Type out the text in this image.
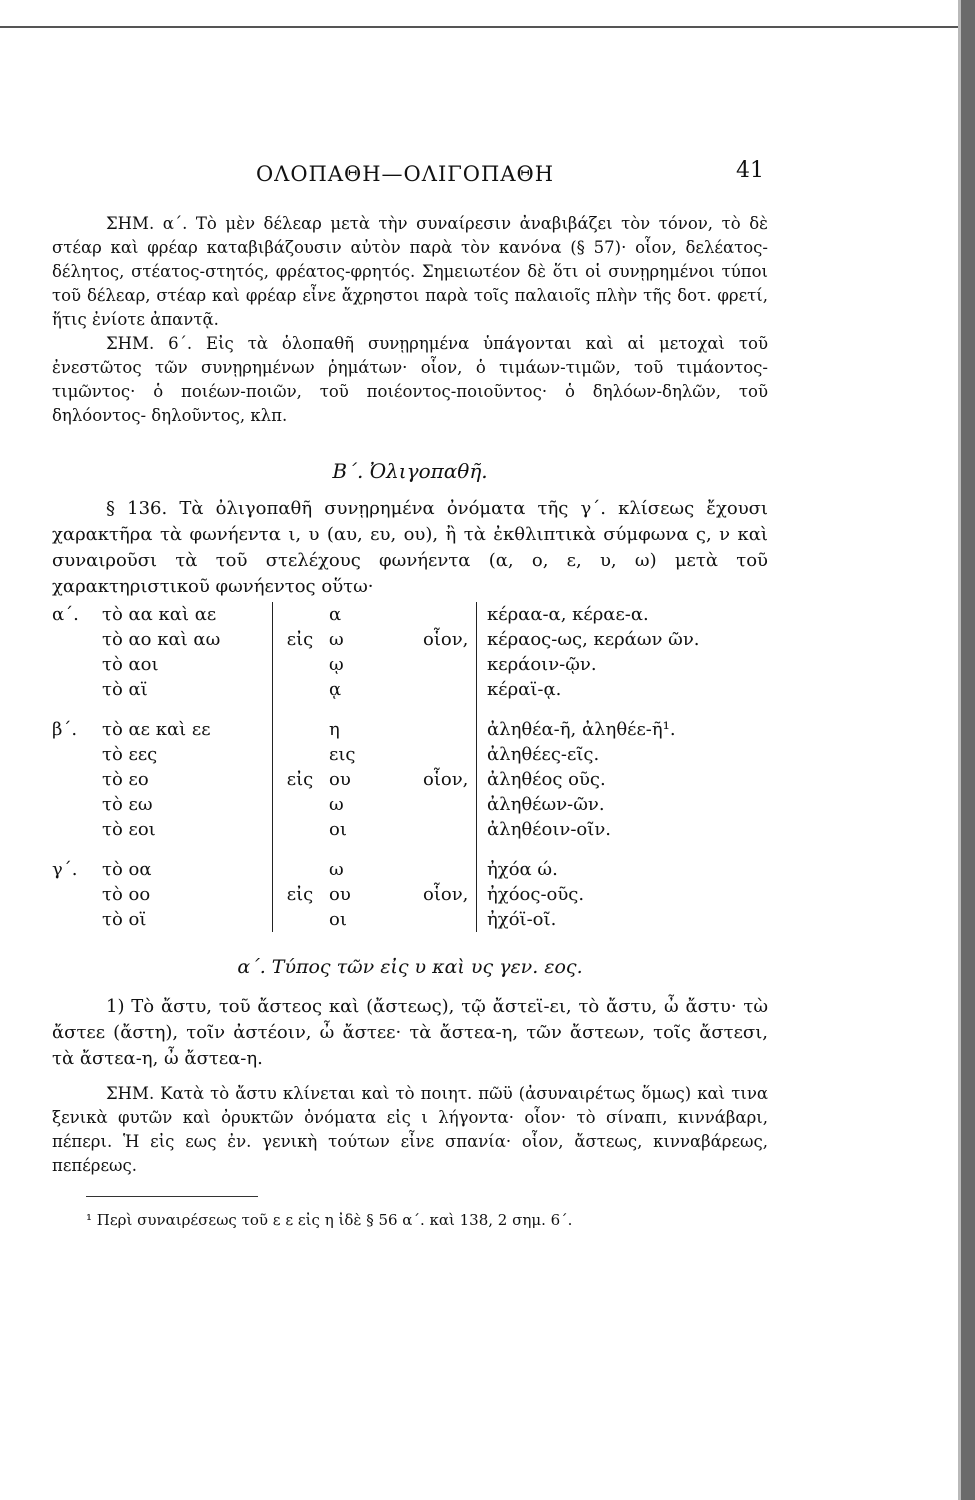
ΟΛΟΠΑΘΗ—ΟΛΙΓΟΠΑΘΗ	41

ΣΗΜ. α΄. Τὸ μὲν δέλεαρ μετὰ τὴν συναίρεσιν ἀναβιβάζει τὸν τόνον, τὸ δὲ στέαρ καὶ φρέαρ καταβιβάζουσιν αὐτὸν παρὰ τὸν κανόνα (§ 57)· οἷον, δελέατος-δέλητος, στέατος-στητός, φρέατος-φρητός. Σημειωτέον δὲ ὅτι οἱ συνῃρημένοι τύποι τοῦ δέλεαρ, στέαρ καὶ φρέαρ εἶνε ἄχρηστοι παρὰ τοῖς παλαιοῖς πλὴν τῆς δοτ. φρετί, ἥτις ἐνίοτε ἀπαντᾷ.

ΣΗΜ. 6΄. Εἰς τὰ ὁλοπαθῆ συνῃρημένα ὑπάγονται καὶ αἱ μετοχαὶ τοῦ ἐνεστῶτος τῶν συνῃρημένων ῥημάτων· οἷον, ὁ τιμάων-τιμῶν, τοῦ τιμάοντος-τιμῶντος· ὁ ποιέων-ποιῶν, τοῦ ποιέοντος-ποιοῦντος· ὁ δηλόων-δηλῶν, τοῦ δηλόοντος- δηλοῦντος, κλπ.

Β΄. Ὀλιγοπαθῆ.

§ 136. Τὰ ὀλιγοπαθῆ συνῃρημένα ὀνόματα τῆς γ΄. κλίσεως ἔχουσι χαρακτῆρα τὰ φωνήεντα ι, υ (αυ, ευ, ου), ἢ τὰ ἐκθλιπτικὰ σύμφωνα ς, ν καὶ συναιροῦσι τὰ τοῦ στελέχους φωνήεντα (α, ο, ε, υ, ω) μετὰ τοῦ χαρακτηριστικοῦ φωνήεντος οὕτω·

α΄.	τὸ αα καὶ αε	α	κέραα-α, κέραε-α.
τὸ αο καὶ αω	εἰς ω	οἷον,	κέραος-ως, κεράων ῶν.
τὸ αοι	ῳ	κεράοιν-ῷν.
τὸ αϊ	ᾳ	κέραϊ-ᾳ.
β΄.	τὸ αε καὶ εε	η	ἀληθέα-ῆ, ἀληθέε-ῆ¹.
τὸ εες	εις	ἀληθέες-εῖς.
τὸ εο	εἰς ου	οἷον,	ἀληθέος οῦς.
τὸ εω	ω	ἀληθέων-ῶν.
τὸ εοι	οι	ἀληθέοιν-οῖν.
γ΄.	τὸ οα	ω	ἠχόα ώ.
τὸ οο	εἰς ου	οἷον,	ἠχόος-οῦς.
τὸ οϊ	οι	ἠχόϊ-οῖ.
α΄. Τύπος τῶν εἰς υ καὶ υς γεν. εος.

1) Τὸ ἄστυ, τοῦ ἄστεος καὶ (ἄστεως), τῷ ἄστεϊ-ει, τὸ ἄστυ, ὦ ἄστυ· τὼ ἄστεε (ἄστη), τοῖν ἀστέοιν, ὦ ἄστεε· τὰ ἄστεα-η, τῶν ἄστεων, τοῖς ἄστεσι, τὰ ἄστεα-η, ὦ ἄστεα-η.

ΣΗΜ. Κατὰ τὸ ἄστυ κλίνεται καὶ τὸ ποιητ. πῶϋ (ἀσυναιρέτως ὅμως) καὶ τινα ξενικὰ φυτῶν καὶ ὀρυκτῶν ὀνόματα εἰς ι λήγοντα· οἷον· τὸ σίναπι, κιννάβαρι, πέπερι. Ἡ εἰς εως ἐν. γενικὴ τούτων εἶνε σπανία· οἷον, ἄστεως, κινναβάρεως, πεπέρεως.

¹ Περὶ συναιρέσεως τοῦ ε ε εἰς η ἰδὲ § 56 α΄. καὶ 138, 2 σημ. 6΄.
